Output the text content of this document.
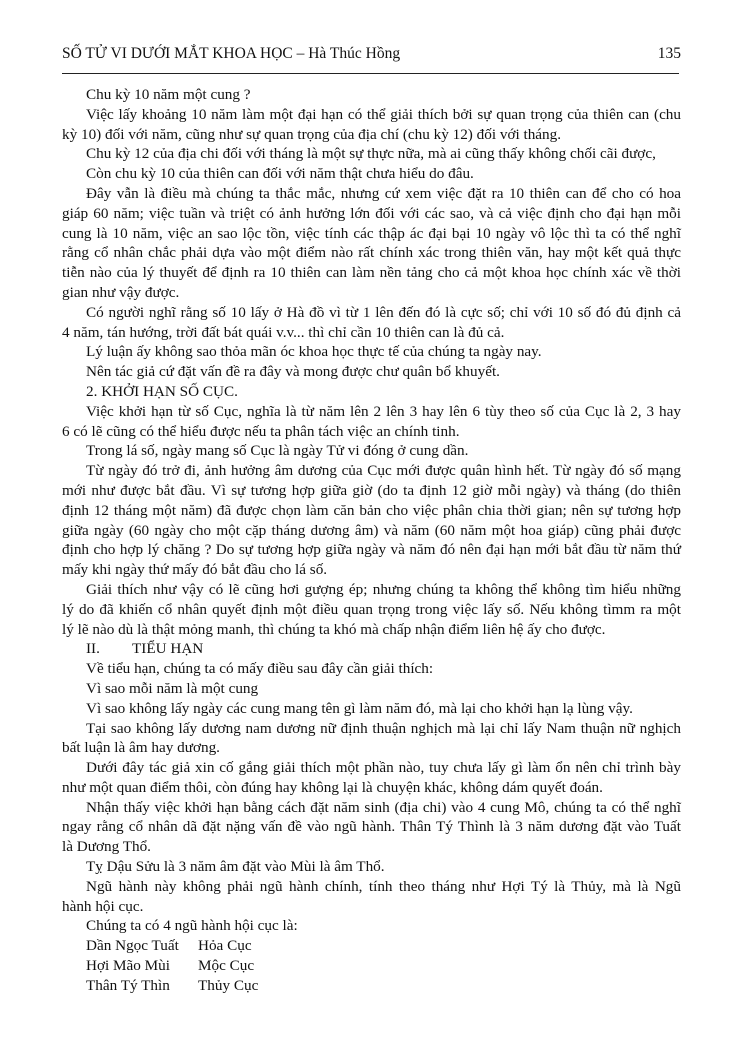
SỐ TỬ VI DƯỚI MẮT KHOA HỌC – Hà Thúc Hồng	135
Chu kỳ 10 năm một cung ?
Việc lấy khoảng 10 năm làm một đại hạn có thể giải thích bởi sự quan trọng của thiên can (chu
kỳ 10) đối với năm, cũng như sự quan trọng của địa chí (chu kỳ 12) đối với tháng.
Chu kỳ 12 của địa chi đối với tháng là một sự thực nữa, mà ai cũng thấy không chối cãi được,
Còn chu kỳ 10 của thiên can đối với năm thật chưa hiểu do đâu.
Đây vẫn là điều mà chúng ta thắc mắc, nhưng cứ xem việc đặt ra 10 thiên can để cho có hoa
giáp 60 năm; việc tuần và triệt có ảnh hưởng lớn đối với các sao, và cả việc định cho đại hạn mỗi
cung là 10 năm, việc an sao lộc tồn, việc tính các thập ác đại bại 10 ngày vô lộc thì ta có thể nghĩ
rằng cổ nhân chắc phải dựa vào một điểm nào rất chính xác trong thiên văn, hay một kết quả thực
tiễn nào của lý thuyết để định ra 10 thiên can làm nền tảng cho cả một khoa học chính xác về thời
gian như vậy được.
Có người nghĩ rằng số 10 lấy ở Hà đồ vì từ 1 lên đến đó là cực số; chỉ với 10 số đó đủ định cả
4 năm, tán hướng, trời đất bát quái v.v... thì chỉ cần 10 thiên can là đủ cả.
Lý luận ấy không sao thỏa mãn óc khoa học thực tế của chúng ta ngày nay.
Nên tác giả cứ đặt vấn đề ra đây và mong được chư quân bổ khuyết.
2. KHỞI HẠN SỐ CỤC.
Việc khởi hạn từ số Cục, nghĩa là từ năm lên 2 lên 3 hay lên 6 tùy theo số của Cục là 2, 3 hay
6 có lẽ cũng có thể hiểu được nếu ta phân tách việc an chính tinh.
Trong lá số, ngày mang số Cục là ngày Tử vi đóng ở cung dần.
Từ ngày đó trở đi, ảnh hưởng âm dương của Cục mới được quân hình hết. Từ ngày đó số mạng
mới như được bắt đầu. Vì sự tương hợp giữa giờ (do ta định 12 giờ mỗi ngày) và tháng (do thiên
định 12 tháng một năm) đã được chọn làm căn bản cho việc phân chia thời gian; nên sự tương hợp
giữa ngày (60 ngày cho một cặp tháng dương âm) và năm (60 năm một hoa giáp) cũng phải được
định cho hợp lý chăng ? Do sự tương hợp giữa ngày và năm đó nên đại hạn mới bắt đầu từ năm thứ
mấy khi ngày thứ mấy đó bắt đầu cho lá số.
Giải thích như vậy có lẽ cũng hơi gượng ép; nhưng chúng ta không thể không tìm hiểu những
lý do đã khiến cổ nhân quyết định một điều quan trọng trong việc lấy số. Nếu không tìmm ra một
lý lẽ nào dù là thật mỏng manh, thì chúng ta khó mà chấp nhận điểm liên hệ ấy cho được.
II. TIỂU HẠN
Về tiểu hạn, chúng ta có mấy điều sau đây cần giải thích:
Vì sao mỗi năm là một cung
Vì sao không lấy ngày các cung mang tên gì làm năm đó, mà lại cho khởi hạn lạ lùng vậy.
Tại sao không lấy dương nam dương nữ định thuận nghịch mà lại chỉ lấy Nam thuận nữ nghịch
bất luận là âm hay dương.
Dưới đây tác giả xin cố gắng giải thích một phần nào, tuy chưa lấy gì làm ổn nên chỉ trình bày
như một quan điểm thôi, còn đúng hay không lại là chuyện khác, không dám quyết đoán.
Nhận thấy việc khởi hạn bằng cách đặt năm sinh (địa chi) vào 4 cung Mô, chúng ta có thể nghĩ
ngay rằng cổ nhân dã đặt nặng vấn đề vào ngũ hành. Thân Tý Thình là 3 năm dương đặt vào Tuất
là Dương Thổ.
Tỵ Dậu Sửu là 3 năm âm đặt vào Mùi là âm Thổ.
Ngũ hành này không phải ngũ hành chính, tính theo tháng như Hợi Tý là Thủy, mà là Ngũ
hành hội cục.
Chúng ta có 4 ngũ hành hội cục là:
Dần Ngọc Tuất	Hỏa Cục
Hợi Mão Mùi	Mộc Cục
Thân Tý Thìn	Thủy Cục
